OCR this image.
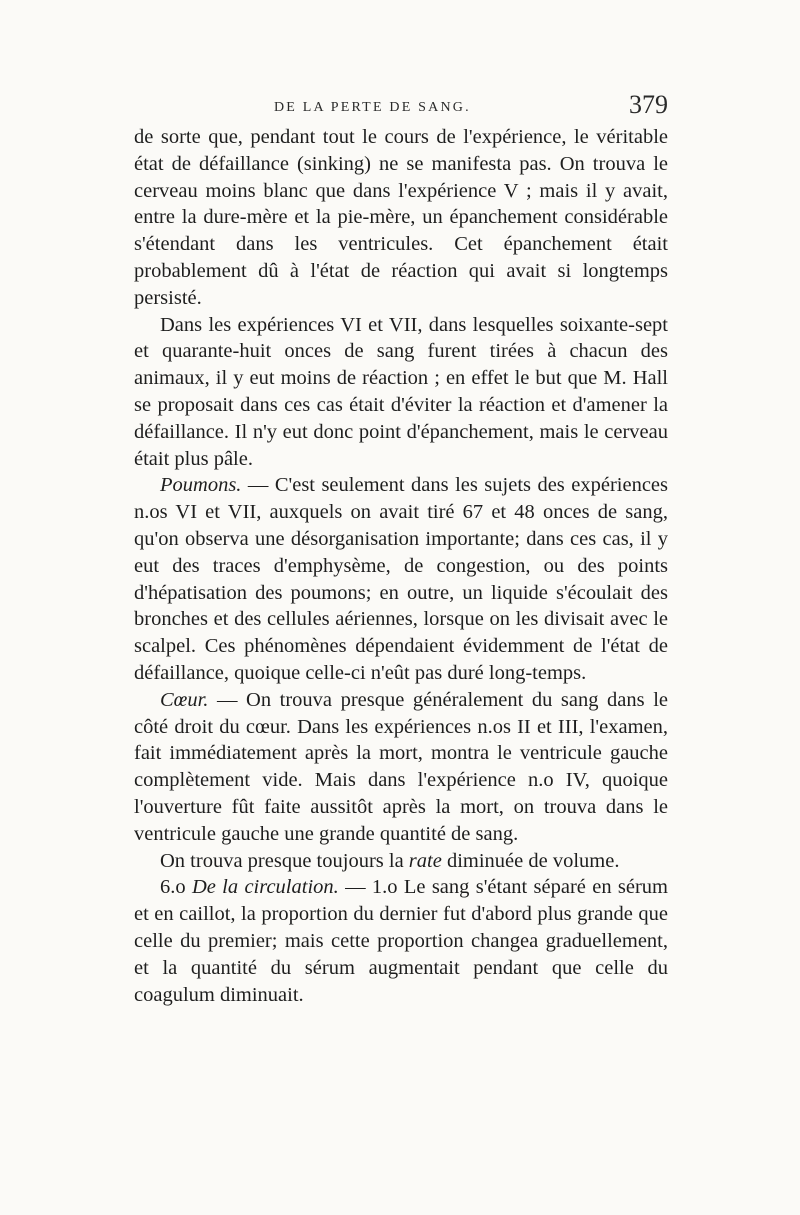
DE LA PERTE DE SANG.	379

de sorte que, pendant tout le cours de l'expérience, le véritable état de défaillance (sinking) ne se manifesta pas. On trouva le cerveau moins blanc que dans l'expérience V ; mais il y avait, entre la dure-mère et la pie-mère, un épanchement considérable s'étendant dans les ventricules. Cet épanchement était probablement dû à l'état de réaction qui avait si longtemps persisté.

Dans les expériences VI et VII, dans lesquelles soixante-sept et quarante-huit onces de sang furent tirées à chacun des animaux, il y eut moins de réaction ; en effet le but que M. Hall se proposait dans ces cas était d'éviter la réaction et d'amener la défaillance. Il n'y eut donc point d'épanchement, mais le cerveau était plus pâle.

Poumons. — C'est seulement dans les sujets des expériences n.os VI et VII, auxquels on avait tiré 67 et 48 onces de sang, qu'on observa une désorganisation importante; dans ces cas, il y eut des traces d'emphysème, de congestion, ou des points d'hépatisation des poumons; en outre, un liquide s'écoulait des bronches et des cellules aériennes, lorsque on les divisait avec le scalpel. Ces phénomènes dépendaient évidemment de l'état de défaillance, quoique celle-ci n'eût pas duré long-temps.

Cœur. — On trouva presque généralement du sang dans le côté droit du cœur. Dans les expériences n.os II et III, l'examen, fait immédiatement après la mort, montra le ventricule gauche complètement vide. Mais dans l'expérience n.o IV, quoique l'ouverture fût faite aussitôt après la mort, on trouva dans le ventricule gauche une grande quantité de sang.

On trouva presque toujours la rate diminuée de volume.

6.o De la circulation. — 1.o Le sang s'étant séparé en sérum et en caillot, la proportion du dernier fut d'abord plus grande que celle du premier; mais cette proportion changea graduellement, et la quantité du sérum augmentait pendant que celle du coagulum diminuait.
